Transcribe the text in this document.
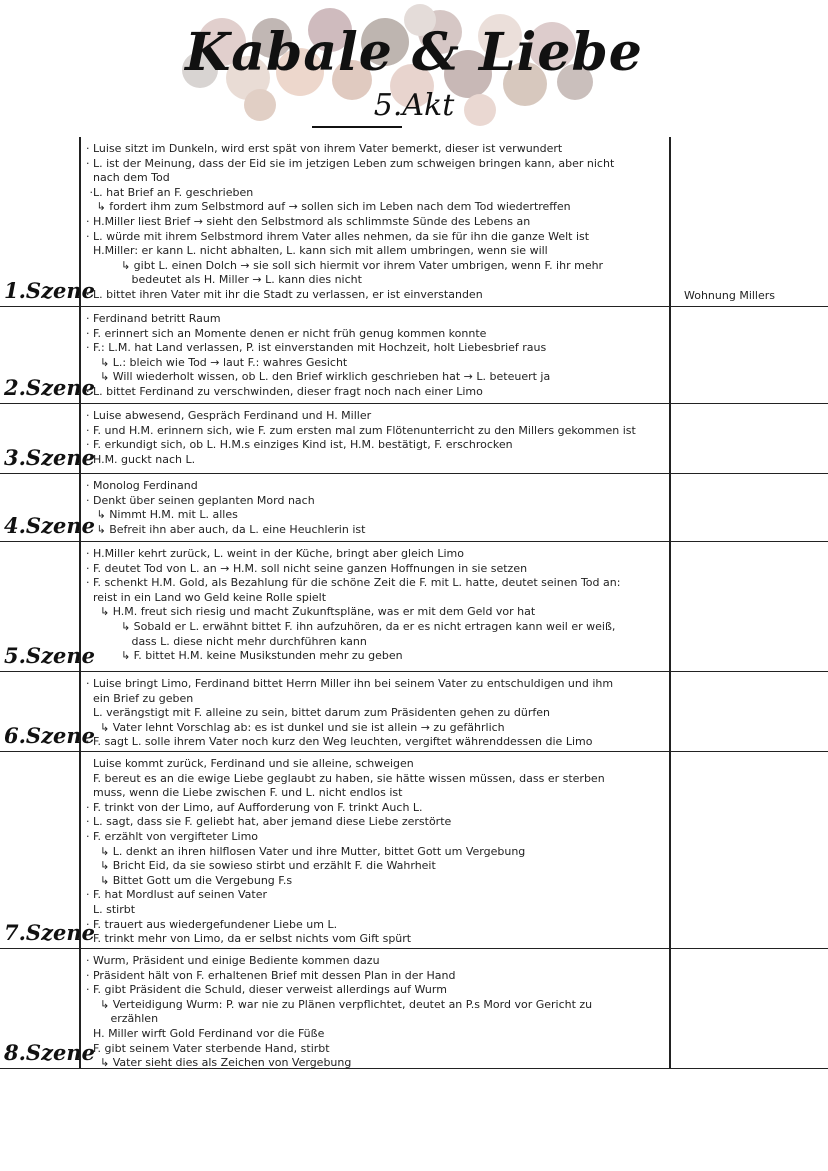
Kabale & Liebe
5.Akt
· Luise sitzt im Dunkeln, wird erst spät von ihrem Vater bemerkt, dieser ist verwundert
· L. ist der Meinung, dass der Eid sie im jetzigen Leben zum schweigen bringen kann, aber nicht
nach dem Tod
·L. hat Brief an F. geschrieben
↳ fordert ihm zum Selbstmord auf → sollen sich im Leben nach dem Tod wiedertreffen
· H.Miller liest Brief → sieht den Selbstmord als schlimmste Sünde des Lebens an
· L. würde mit ihrem Selbstmord ihrem Vater alles nehmen, da sie für ihn die ganze Welt ist
H.Miller: er kann L. nicht abhalten, L. kann sich mit allem umbringen, wenn sie will
↳ gibt L. einen Dolch → sie soll sich hiermit vor ihrem Vater umbrigen, wenn F. ihr mehr
bedeutet als H. Miller → L. kann dies nicht
· L. bittet ihren Vater mit ihr die Stadt zu verlassen, er ist einverstanden
1.Szene	Wohnung Millers
· Ferdinand betritt Raum
· F. erinnert sich an Momente denen er nicht früh genug kommen konnte
· F.: L.M. hat Land verlassen, P. ist einverstanden mit Hochzeit, holt Liebesbrief raus
↳ L.: bleich wie Tod → laut F.: wahres Gesicht
↳ Will wiederholt wissen, ob L. den Brief wirklich geschrieben hat → L. beteuert ja
· L. bittet Ferdinand zu verschwinden, dieser fragt noch nach einer Limo
2.Szene
· Luise abwesend, Gespräch Ferdinand und H. Miller
· F. und H.M. erinnern sich, wie F. zum ersten mal zum Flötenunterricht zu den Millers gekommen ist
· F. erkundigt sich, ob L. H.M.s einziges Kind ist, H.M. bestätigt, F. erschrocken
· H.M. guckt nach L.
3.Szene
· Monolog Ferdinand
· Denkt über seinen geplanten Mord nach
↳ Nimmt H.M. mit L. alles
↳ Befreit ihn aber auch, da L. eine Heuchlerin ist
4.Szene
· H.Miller kehrt zurück, L. weint in der Küche, bringt aber gleich Limo
· F. deutet Tod von L. an → H.M. soll nicht seine ganzen Hoffnungen in sie setzen
· F. schenkt H.M. Gold, als Bezahlung für die schöne Zeit die F. mit L. hatte, deutet seinen Tod an:
reist in ein Land wo Geld keine Rolle spielt
↳ H.M. freut sich riesig und macht Zukunftspläne, was er mit dem Geld vor hat
↳ Sobald er L. erwähnt bittet F. ihn aufzuhören, da er es nicht ertragen kann weil er weiß,
dass L. diese nicht mehr durchführen kann
↳ F. bittet H.M. keine Musikstunden mehr zu geben
5.Szene
· Luise bringt Limo, Ferdinand bittet Herrn Miller ihn bei seinem Vater zu entschuldigen und ihm
ein Brief zu geben
L. verängstigt mit F. alleine zu sein, bittet darum zum Präsidenten gehen zu dürfen
↳ Vater lehnt Vorschlag ab: es ist dunkel und sie ist allein → zu gefährlich
· F. sagt L. solle ihrem Vater noch kurz den Weg leuchten, vergiftet währenddessen die Limo
6.Szene
Luise kommt zurück, Ferdinand und sie alleine, schweigen
F. bereut es an die ewige Liebe geglaubt zu haben, sie hätte wissen müssen, dass er sterben
muss, wenn die Liebe zwischen F. und L. nicht endlos ist
· F. trinkt von der Limo, auf Aufforderung von F. trinkt Auch L.
· L. sagt, dass sie F. geliebt hat, aber jemand diese Liebe zerstörte
· F. erzählt von vergifteter Limo
↳ L. denkt an ihren hilflosen Vater und ihre Mutter, bittet Gott um Vergebung
↳ Bricht Eid, da sie sowieso stirbt und erzählt F. die Wahrheit
↳ Bittet Gott um die Vergebung F.s
· F. hat Mordlust auf seinen Vater
L. stirbt
· F. trauert aus wiedergefundener Liebe um L.
F. trinkt mehr von Limo, da er selbst nichts vom Gift spürt
7.Szene
· Wurm, Präsident und einige Bediente kommen dazu
· Präsident hält von F. erhaltenen Brief mit dessen Plan in der Hand
· F. gibt Präsident die Schuld, dieser verweist allerdings auf Wurm
↳ Verteidigung Wurm: P. war nie zu Plänen verpflichtet, deutet an P.s Mord vor Gericht zu
erzählen
H. Miller wirft Gold Ferdinand vor die Füße
F. gibt seinem Vater sterbende Hand, stirbt
↳ Vater sieht dies als Zeichen von Vergebung
8.Szene
